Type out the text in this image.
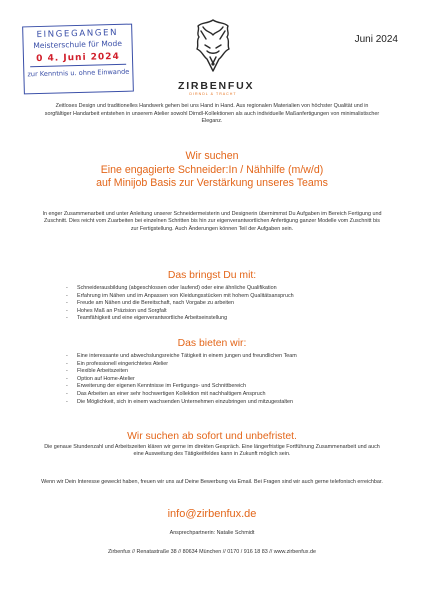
EINGEGANGEN
Meisterschule für Mode
0 4. Juni 2024
zur Kenntnis u. ohne Einwande
ZIRBENFUX
DIRNDL & TRACHT
Juni 2024
Zeitloses Design und traditionelles Handwerk gehen bei uns Hand in Hand. Aus regionalen Materialien von höchster Qualität und in sorgfältiger Handarbeit entstehen in unserem Atelier sowohl Dirndl-Kollektionen als auch individuelle Maßanfertigungen von minimalistischer Eleganz.
Wir suchen
Eine engagierte Schneider:In / Nähhilfe (m/w/d)
auf Minijob Basis zur Verstärkung unseres Teams
In enger Zusammenarbeit und unter Anleitung unserer Schneidermeisterin und Designerin übernimmst Du Aufgaben im Bereich Fertigung und Zuschnitt. Dies reicht vom Zuarbeiten bei einzelnen Schritten bis hin zur eigenverantwortlichen Anfertigung ganzer Modelle vom Zuschnitt bis zur Fertigstellung. Auch Änderungen können Teil der Aufgaben sein.
Das bringst Du mit:
- Schneiderausbildung (abgeschlossen oder laufend) oder eine ähnliche Qualifikation
- Erfahrung im Nähen und im Anpassen von Kleidungsstücken mit hohem Qualitätsanspruch
- Freude am Nähen und die Bereitschaft, nach Vorgabe zu arbeiten
- Hohes Maß an Präzision und Sorgfalt
- Teamfähigkeit und eine eigenverantwortliche Arbeitseinstellung
Das bieten wir:
- Eine interessante und abwechslungsreiche Tätigkeit in einem jungen und freundlichen Team
- Ein professionell eingerichtetes Atelier
- Flexible Arbeitszeiten
- Option auf Home-Atelier
- Erweiterung der eigenen Kenntnisse im Fertigungs- und Schnittbereich
- Das Arbeiten an einer sehr hochwertigen Kollektion mit nachhaltigem Anspruch
- Die Möglichkeit, sich in einem wachsenden Unternehmen einzubringen und mitzugestalten
Wir suchen ab sofort und unbefristet.
Die genaue Stundenzahl und Arbeitszeiten klären wir gerne im direkten Gespräch. Eine längerfristige Fortführung Zusammenarbeit und auch eine Ausweitung des Tätigkeitfeldes kann in Zukunft möglich sein.
Wenn wir Dein Interesse geweckt haben, freuen wir uns auf Deine Bewerbung via Email. Bei Fragen sind wir auch gerne telefonisch erreichbar.
info@zirbenfux.de
Ansprechpartnerin: Natalie Schmidt
Zirbenfux // Renatastraße 38 // 80634 München // 0170 / 916 18 83 // www.zirbenfux.de
